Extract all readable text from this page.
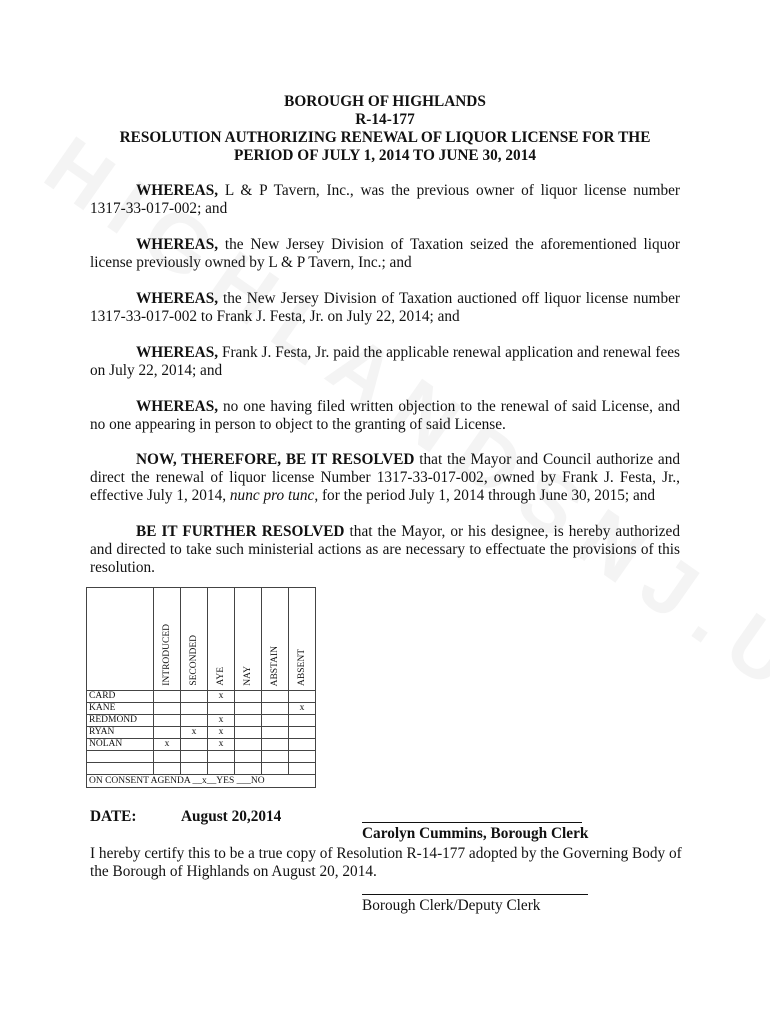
BOROUGH OF HIGHLANDS
R-14-177
RESOLUTION AUTHORIZING RENEWAL OF LIQUOR LICENSE FOR THE
PERIOD OF JULY 1, 2014 TO JUNE 30, 2014
WHEREAS, L & P Tavern, Inc., was the previous owner of liquor license number 1317-33-017-002; and
WHEREAS, the New Jersey Division of Taxation seized the aforementioned liquor license previously owned by L & P Tavern, Inc.; and
WHEREAS, the New Jersey Division of Taxation auctioned off liquor license number 1317-33-017-002 to Frank J. Festa, Jr. on July 22, 2014; and
WHEREAS, Frank J. Festa, Jr. paid the applicable renewal application and renewal fees on July 22, 2014; and
WHEREAS, no one having filed written objection to the renewal of said License, and no one appearing in person to object to the granting of said License.
NOW, THEREFORE, BE IT RESOLVED that the Mayor and Council authorize and direct the renewal of liquor license Number 1317-33-017-002, owned by Frank J. Festa, Jr., effective July 1, 2014, nunc pro tunc, for the period July 1, 2014 through June 30, 2015; and
BE IT FURTHER RESOLVED that the Mayor, or his designee, is hereby authorized and directed to take such ministerial actions as are necessary to effectuate the provisions of this resolution.
	INTRODUCED	SECONDED	AYE	NAY	ABSTAIN	ABSENT
CARD			x			
KANE						x
REDMOND			x			
RYAN		x	x			
NOLAN	x		x			

ON CONSENT AGENDA __x__YES ___NO						
DATE:	August 20,2014
Carolyn Cummins, Borough Clerk
I hereby certify this to be a true copy of Resolution R-14-177 adopted by the Governing Body of the Borough of Highlands on August 20, 2014.
Borough Clerk/Deputy Clerk
